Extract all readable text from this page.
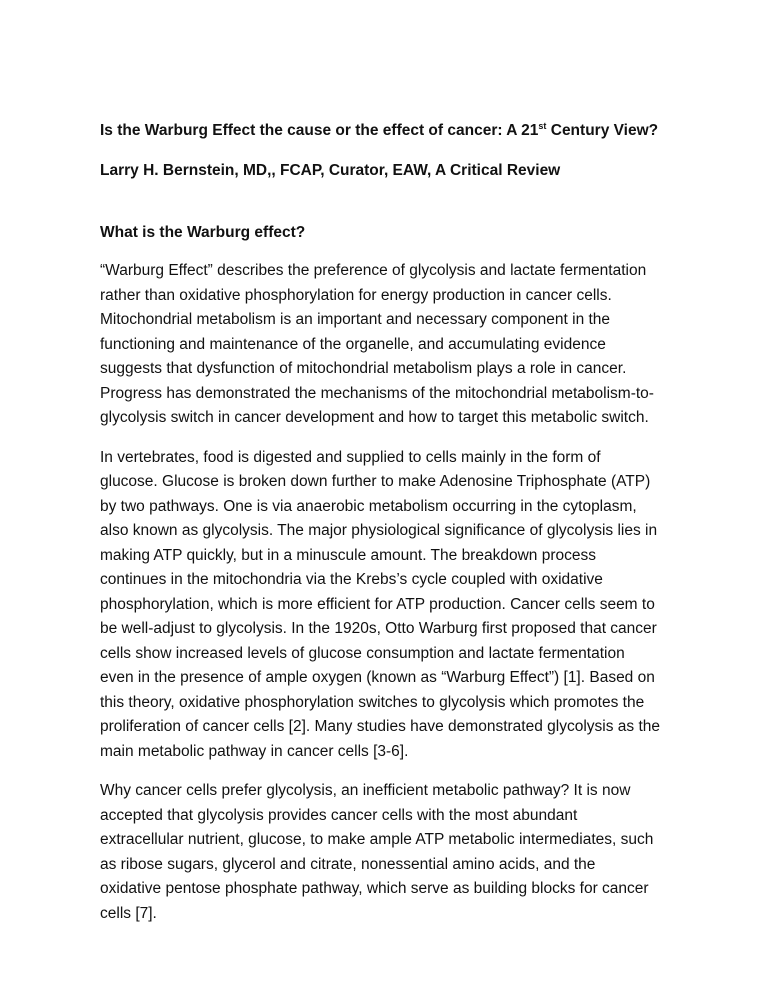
Is the Warburg Effect the cause or the effect of cancer: A 21st Century View?

Larry H. Bernstein, MD,, FCAP, Curator, EAW, A Critical Review

What is the Warburg effect?

“Warburg Effect” describes the preference of glycolysis and lactate fermentation rather than oxidative phosphorylation for energy production in cancer cells. Mitochondrial metabolism is an important and necessary component in the functioning and maintenance of the organelle, and accumulating evidence suggests that dysfunction of mitochondrial metabolism plays a role in cancer. Progress has demonstrated the mechanisms of the mitochondrial metabolism-to-glycolysis switch in cancer development and how to target this metabolic switch.

In vertebrates, food is digested and supplied to cells mainly in the form of glucose. Glucose is broken down further to make Adenosine Triphosphate (ATP) by two pathways. One is via anaerobic metabolism occurring in the cytoplasm, also known as glycolysis. The major physiological significance of glycolysis lies in making ATP quickly, but in a minuscule amount. The breakdown process continues in the mitochondria via the Krebs’s cycle coupled with oxidative phosphorylation, which is more efficient for ATP production. Cancer cells seem to be well-adjust to glycolysis. In the 1920s, Otto Warburg first proposed that cancer cells show increased levels of glucose consumption and lactate fermentation even in the presence of ample oxygen (known as “Warburg Effect”) [1]. Based on this theory, oxidative phosphorylation switches to glycolysis which promotes the proliferation of cancer cells [2]. Many studies have demonstrated glycolysis as the main metabolic pathway in cancer cells [3-6].

Why cancer cells prefer glycolysis, an inefficient metabolic pathway? It is now accepted that glycolysis provides cancer cells with the most abundant extracellular nutrient, glucose, to make ample ATP metabolic intermediates, such as ribose sugars, glycerol and citrate, nonessential amino acids, and the oxidative pentose phosphate pathway, which serve as building blocks for cancer cells [7].
